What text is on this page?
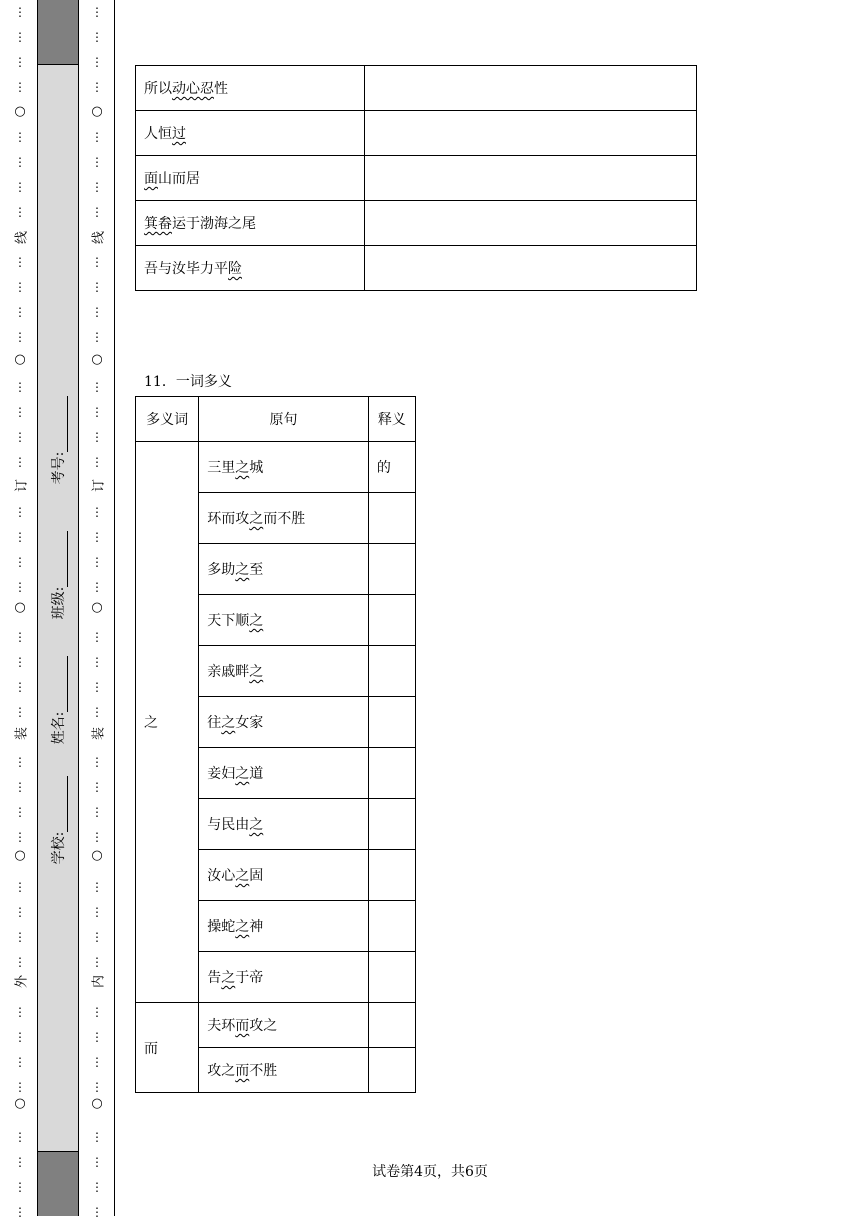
⋮
⋮
⋮
⋮
⋮
⋮
⋮
⋮
⋮
⋮
⋮
⋮
⋮
⋮
⋮
⋮
⋮
⋮
⋮
⋮
⋮
⋮
⋮
⋮
⋮
⋮
⋮
⋮
⋮
⋮
⋮
⋮
⋮
⋮
⋮
⋮
⋮
⋮
⋮
⋮
○
线
○
订
○
装
○
外
○
学校:
姓名:
班级:
考号:
⋮
⋮
⋮
⋮
⋮
⋮
⋮
⋮
⋮
⋮
⋮
⋮
⋮
⋮
⋮
⋮
⋮
⋮
⋮
⋮
⋮
⋮
⋮
⋮
⋮
⋮
⋮
⋮
⋮
⋮
⋮
⋮
⋮
⋮
⋮
⋮
⋮
⋮
⋮
⋮
○
线
○
订
○
装
○
内
○
所以动心忍性	
人恒过	
面山而居	
箕畚运于渤海之尾	
吾与汝毕力平险	
11．一词多义
多义词	原句	释义
之	三里之城	的
	环而攻之而不胜	
	多助之至	
	天下顺之	
	亲戚畔之	
	往之女家	
	妾妇之道	
	与民由之	
	汝心之固	
	操蛇之神	
	告之于帝	
而	夫环而攻之	
	攻之而不胜	
试卷第4页，共6页
